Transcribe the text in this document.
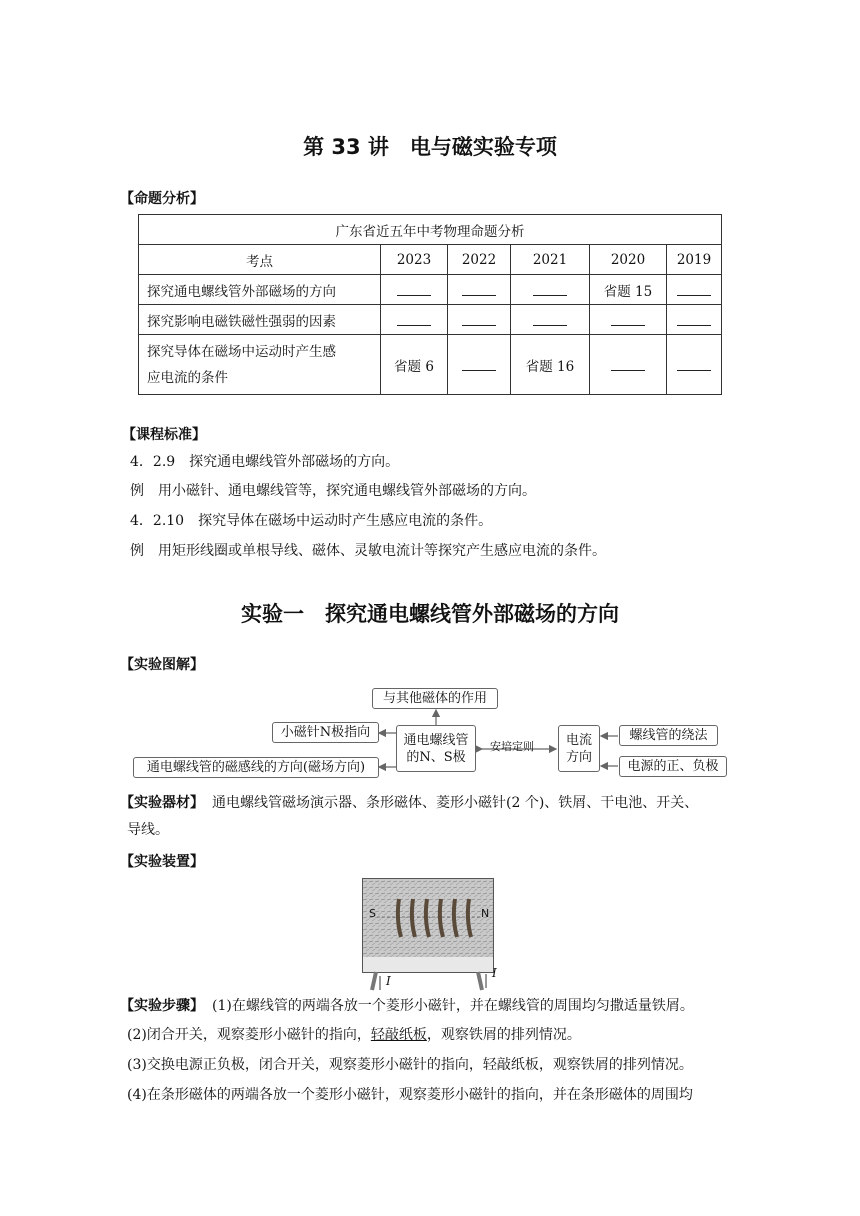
第 33 讲　电与磁实验专项
【命题分析】
广东省近五年中考物理命题分析					
考点	2023	2022	2021	2020	2019
探究通电螺线管外部磁场的方向				省题 15	
探究影响电磁铁磁性强弱的因素					

探究导体在磁场中运动时产生感
应电流的条件	省题 6		省题 16		
【课程标准】
4．2.9　探究通电螺线管外部磁场的方向。
例　用小磁针、通电螺线管等，探究通电螺线管外部磁场的方向。
4．2.10　探究导体在磁场中运动时产生感应电流的条件。
例　用矩形线圈或单根导线、磁体、灵敏电流计等探究产生感应电流的条件。
实验一　探究通电螺线管外部磁场的方向
【实验图解】
与其他磁体的作用
小磁针N极指向
通电螺线管的磁感线的方向(磁场方向)
通电螺线管
的N、S极
安培定则 电流
方向
螺线管的绕法
电源的正、负极
【实验器材】 通电螺线管磁场演示器、条形磁体、菱形小磁针(2 个)、铁屑、干电池、开关、
导线。
【实验装置】
S	N
I
I
【实验步骤】 (1)在螺线管的两端各放一个菱形小磁针，并在螺线管的周围均匀撒适量铁屑。
(2)闭合开关，观察菱形小磁针的指向，轻敲纸板，观察铁屑的排列情况。
(3)交换电源正负极，闭合开关，观察菱形小磁针的指向，轻敲纸板，观察铁屑的排列情况。
(4)在条形磁体的两端各放一个菱形小磁针，观察菱形小磁针的指向，并在条形磁体的周围均
